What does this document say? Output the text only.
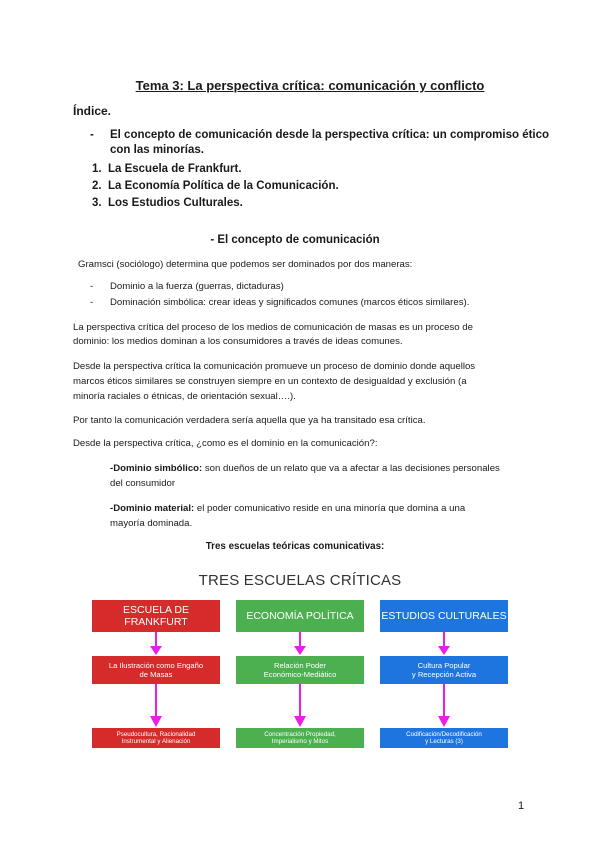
Tema 3: La perspectiva crítica: comunicación y conflicto
Índice.
- El concepto de comunicación desde la perspectiva crítica: un compromiso ético
con las minorías.
1. La Escuela de Frankfurt.
2. La Economía Política de la Comunicación.
3. Los Estudios Culturales.
- El concepto de comunicación
Gramsci (sociólogo) determina que podemos ser dominados por dos maneras:
- Dominio a la fuerza (guerras, dictaduras)
- Dominación simbólica: crear ideas y significados comunes (marcos éticos similares).
La perspectiva crítica del proceso de los medios de comunicación de masas es un proceso de
dominio: los medios dominan a los consumidores a través de ideas comunes.
Desde la perspectiva crítica la comunicación promueve un proceso de dominio donde aquellos
marcos éticos similares se construyen siempre en un contexto de desigualdad y exclusión (a
minoría raciales o étnicas, de orientación sexual….).
Por tanto la comunicación verdadera sería aquella que ya ha transitado esa crítica.
Desde la perspectiva crítica, ¿como es el dominio en la comunicación?:
-Dominio simbólico: son dueños de un relato que va a afectar a las decisiones personales
del consumidor
-Dominio material: el poder comunicativo reside en una minoría que domina a una
mayoría dominada.
Tres escuelas teóricas comunicativas:
TRES ESCUELAS CRÍTICAS
ESCUELA DE FRANKFURT
La Ilustración como Engaño
de Masas
Pseudocultura, Racionalidad
Instrumental y Alienación
ECONOMÍA POLÍTICA
Relación Poder
Económico-Mediático
Concentración Propiedad,
Imperialismo y Mitos
ESTUDIOS CULTURALES
Cultura Popular
y Recepción Activa
Codificación/Decodificación
y Lecturas (3)
1
